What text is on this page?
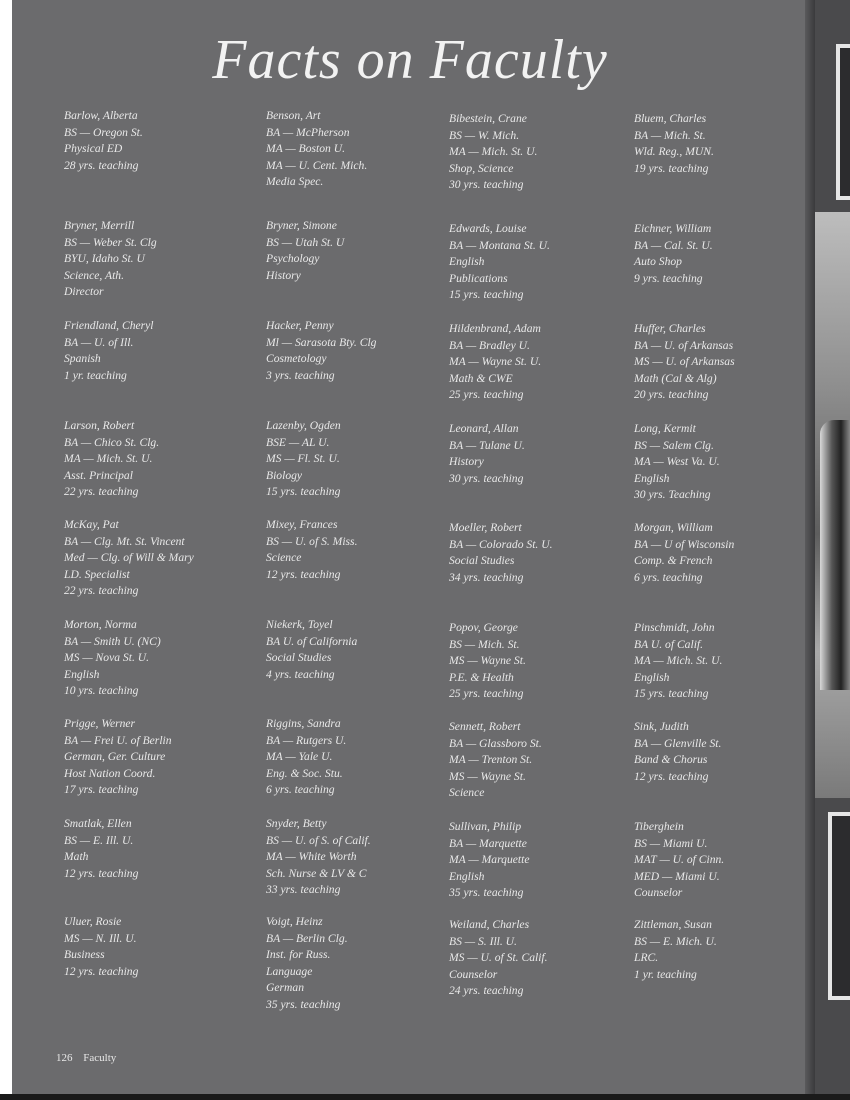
Facts on Faculty
Barlow, Alberta
BS — Oregon St.
Physical ED
28 yrs. teaching
Benson, Art
BA — McPherson
MA — Boston U.
MA — U. Cent. Mich.
Media Spec.
Bibestein, Crane
BS — W. Mich.
MA — Mich. St. U.
Shop, Science
30 yrs. teaching
Bluem, Charles
BA — Mich. St.
Wld. Reg., MUN.
19 yrs. teaching
Bryner, Merrill
BS — Weber St. Clg
BYU, Idaho St. U
Science, Ath.
Director
Bryner, Simone
BS — Utah St. U
Psychology
History
Edwards, Louise
BA — Montana St. U.
English
Publications
15 yrs. teaching
Eichner, William
BA — Cal. St. U.
Auto Shop
9 yrs. teaching
Friendland, Cheryl
BA — U. of Ill.
Spanish
1 yr. teaching
Hacker, Penny
Ml — Sarasota Bty. Clg
Cosmetology
3 yrs. teaching
Hildenbrand, Adam
BA — Bradley U.
MA — Wayne St. U.
Math & CWE
25 yrs. teaching
Huffer, Charles
BA — U. of Arkansas
MS — U. of Arkansas
Math (Cal & Alg)
20 yrs. teaching
Larson, Robert
BA — Chico St. Clg.
MA — Mich. St. U.
Asst. Principal
22 yrs. teaching
Lazenby, Ogden
BSE — AL U.
MS — Fl. St. U.
Biology
15 yrs. teaching
Leonard, Allan
BA — Tulane U.
History
30 yrs. teaching
Long, Kermit
BS — Salem Clg.
MA — West Va. U.
English
30 yrs. Teaching
McKay, Pat
BA — Clg. Mt. St. Vincent
Med — Clg. of Will & Mary
LD. Specialist
22 yrs. teaching
Mixey, Frances
BS — U. of S. Miss.
Science
12 yrs. teaching
Moeller, Robert
BA — Colorado St. U.
Social Studies
34 yrs. teaching
Morgan, William
BA — U of Wisconsin
Comp. & French
6 yrs. teaching
Morton, Norma
BA — Smith U. (NC)
MS — Nova St. U.
English
10 yrs. teaching
Niekerk, Toyel
BA U. of California
Social Studies
4 yrs. teaching
Popov, George
BS — Mich. St.
MS — Wayne St.
P.E. & Health
25 yrs. teaching
Pinschmidt, John
BA U. of Calif.
MA — Mich. St. U.
English
15 yrs. teaching
Prigge, Werner
BA — Frei U. of Berlin
German, Ger. Culture
Host Nation Coord.
17 yrs. teaching
Riggins, Sandra
BA — Rutgers U.
MA — Yale U.
Eng. & Soc. Stu.
6 yrs. teaching
Sennett, Robert
BA — Glassboro St.
MA — Trenton St.
MS — Wayne St.
Science
Sink, Judith
BA — Glenville St.
Band & Chorus
12 yrs. teaching
Smatlak, Ellen
BS — E. Ill. U.
Math
12 yrs. teaching
Snyder, Betty
BS — U. of S. of Calif.
MA — White Worth
Sch. Nurse & LV & C
33 yrs. teaching
Sullivan, Philip
BA — Marquette
MA — Marquette
English
35 yrs. teaching
Tiberghein
BS — Miami U.
MAT — U. of Cinn.
MED — Miami U.
Counselor
Uluer, Rosie
MS — N. Ill. U.
Business
12 yrs. teaching
Voigt, Heinz
BA — Berlin Clg.
Inst. for Russ.
Language
German
35 yrs. teaching
Weiland, Charles
BS — S. Ill. U.
MS — U. of St. Calif.
Counselor
24 yrs. teaching
Zittleman, Susan
BS — E. Mich. U.
LRC.
1 yr. teaching
126 Faculty
